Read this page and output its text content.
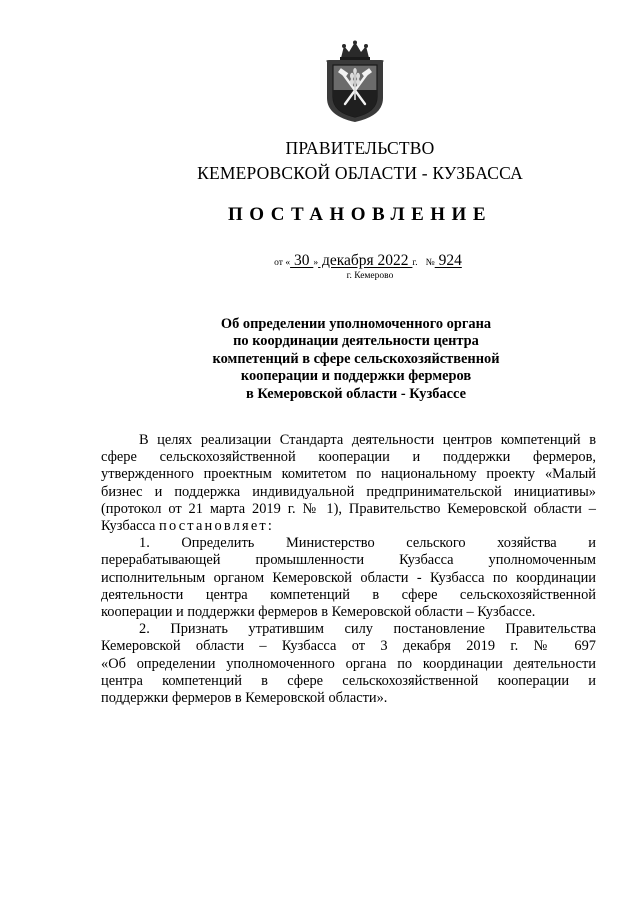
ПРАВИТЕЛЬСТВО
КЕМЕРОВСКОЙ ОБЛАСТИ - КУЗБАССА
ПОСТАНОВЛЕНИЕ
от « 30 » декабря 2022 г. № 924
г. Кемерово

Об определении уполномоченного органа
по координации деятельности центра
компетенций в сфере сельскохозяйственной
кооперации и поддержки фермеров
в Кемеровской области - Кузбассе

В целях реализации Стандарта деятельности центров компетенций в
сфере сельскохозяйственной кооперации и поддержки фермеров,
утвержденного проектным комитетом по национальному проекту «Малый
бизнес и поддержка индивидуальной предпринимательской инициативы»
(протокол от 21 марта 2019 г. № 1), Правительство Кемеровской области –
Кузбасса постановляет:
1. Определить Министерство сельского хозяйства и
перерабатывающей промышленности Кузбасса уполномоченным
исполнительным органом Кемеровской области - Кузбасса по координации
деятельности центра компетенций в сфере сельскохозяйственной
кооперации и поддержки фермеров в Кемеровской области – Кузбассе.
2. Признать утратившим силу постановление Правительства
Кемеровской области – Кузбасса от 3 декабря 2019 г. № 697
«Об определении уполномоченного органа по координации деятельности
центра компетенций в сфере сельскохозяйственной кооперации и
поддержки фермеров в Кемеровской области».
